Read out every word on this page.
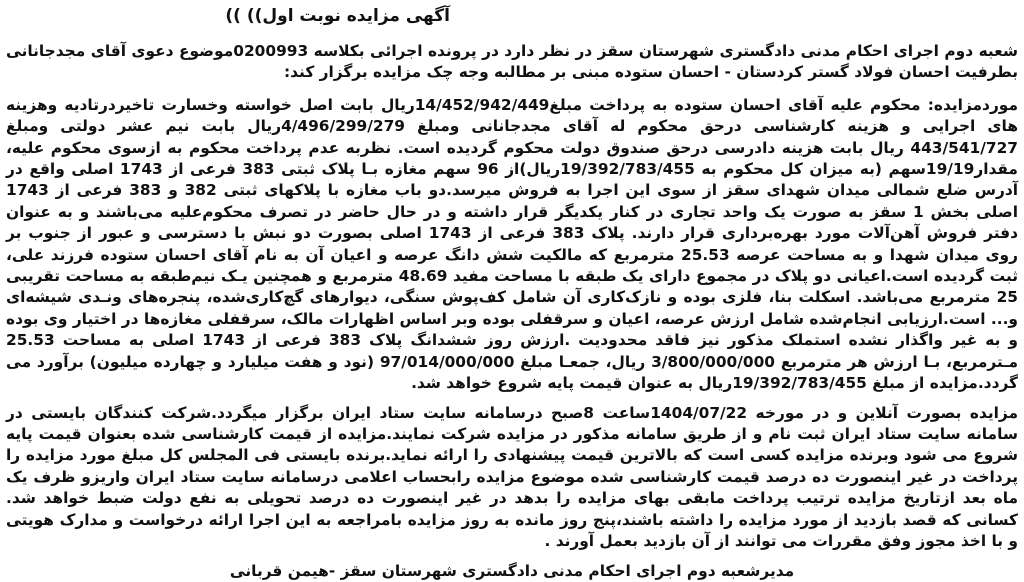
آگهی مزایده نوبت اول)) ))

شعبه دوم اجرای احکام مدنی دادگستری شهرستان سقز در نظر دارد در پرونده اجرائی بکلاسه 0200993موضوع دعوی آقای مجدجانانی بطرفیت احسان فولاد گستر کردستان - احسان ستوده مبنی بر مطالبه وجه چک مزایده برگزار کند:

موردمزایده: محکوم علیه آقای احسان ستوده به پرداخت مبلغ14/452/942/449ریال بابت اصل خواسته وخسارت تاخیردرتادیه وهزینه های اجرایی و هزینه کارشناسی درحق محکوم له آقای مجدجانانی ومبلغ 4/496/299/279ریال بابت نیم عشر دولتی ومبلغ 443/541/727 ریال بابت هزینه دادرسی درحق صندوق دولت محکوم گردیده است. نظربه عدم پرداخت محکوم به ازسوی محکوم علیه، مقدار19/19سهم (به میزان کل محکوم به 19/392/783/455ریال)از 96 سهم مغازه بـا پلاک ثبتی 383 فرعی از 1743 اصلی واقع در آدرس ضلع شمالی میدان شهدای سقز از سوی این اجرا به فروش میرسد.دو باب مغازه با پلاکهای ثبتی 382 و 383 فرعی از 1743 اصلی بخش 1 سقز به صورت یک واحد تجاری در کنار یکدیگر قرار داشته و در حال حاضر در تصرف محکوم‌علیه می‌باشند و به عنوان دفتر فروش آهن‌آلات مورد بهره‌برداری قرار دارند. پلاک 383 فرعی از 1743 اصلی بصورت دو نبش با دسترسی و عبور از جنوب بر روی میدان شهدا و به مساحت عرصه 25.53 مترمربع که مالکیت شش دانگ عرصه و اعیان آن به نام آقای احسان ستوده فرزند علی، ثبت گردیده است.اعیانی دو پلاک در مجموع دارای یک طبقه با مساحت مفید 48.69 مترمربع و همچنین یـک نیم‌طبقه به مساحت تقریبی 25 مترمربع می‌باشد. اسکلت بنا، فلزی بوده و نازک‌کاری آن شامل کف‌پوش سنگی، دیوارهای گچ‌کاری‌شده، پنجره‌های ونـدی شیشه‌ای و... است.ارزیابی انجام‌شده شامل ارزش عرصه، اعیان و سرقفلی بوده وبر اساس اظهارات مالک، سرقفلی مغازه‌ها در اختیار وی بوده و به غیر واگذار نشده استملک مذکور نیز فاقد محدودیت .ارزش روز ششدانگ پلاک 383 فرعی از 1743 اصلی به مساحت 25.53 مـترمربع، بـا ارزش هر مترمربع 3/800/000/000 ریال، جمعـا مبلغ 97/014/000/000 (نود و هفت میلیارد و چهارده میلیون) برآورد می گردد.مزایده از مبلغ 19/392/783/455ریال به عنوان قیمت پایه شروع خواهد شد.

مزایده بصورت آنلاین و در مورخه 1404/07/22ساعت 8صبح درسامانه سایت ستاد ایران برگزار میگردد.شرکت کنندگان بایستی در سامانه سایت ستاد ایران ثبت نام و از طریق سامانه مذکور در مزایده شرکت نمایند.مزایده از قیمت کارشناسی شده بعنوان قیمت پایه شروع می شود وبرنده مزایده کسی است که بالاترین قیمت پیشنهادی را ارائه نماید.برنده بایستی فی المجلس کل مبلغ مورد مزایده را پرداخت در غیر اینصورت ده درصد قیمت کارشناسی شده موضوع مزایده رابحساب اعلامی درسامانه سایت ستاد ایران واریزو ظرف یک ماه بعد ازتاریخ مزایده ترتیب پرداخت مابقی بهای مزایده را بدهد در غیر اینصورت ده درصد تحویلی به نفع دولت ضبط خواهد شد. کسانی که قصد بازدید از مورد مزایده را داشته باشند،پنج روز مانده به روز مزایده بامراجعه به این اجرا ارائه درخواست و مدارک هویتی و با اخذ مجوز وفق مقررات می توانند از آن بازدید بعمل آورند .

مدیرشعبه دوم اجرای احکام مدنی دادگستری شهرستان سقز -هیمن قربانی
